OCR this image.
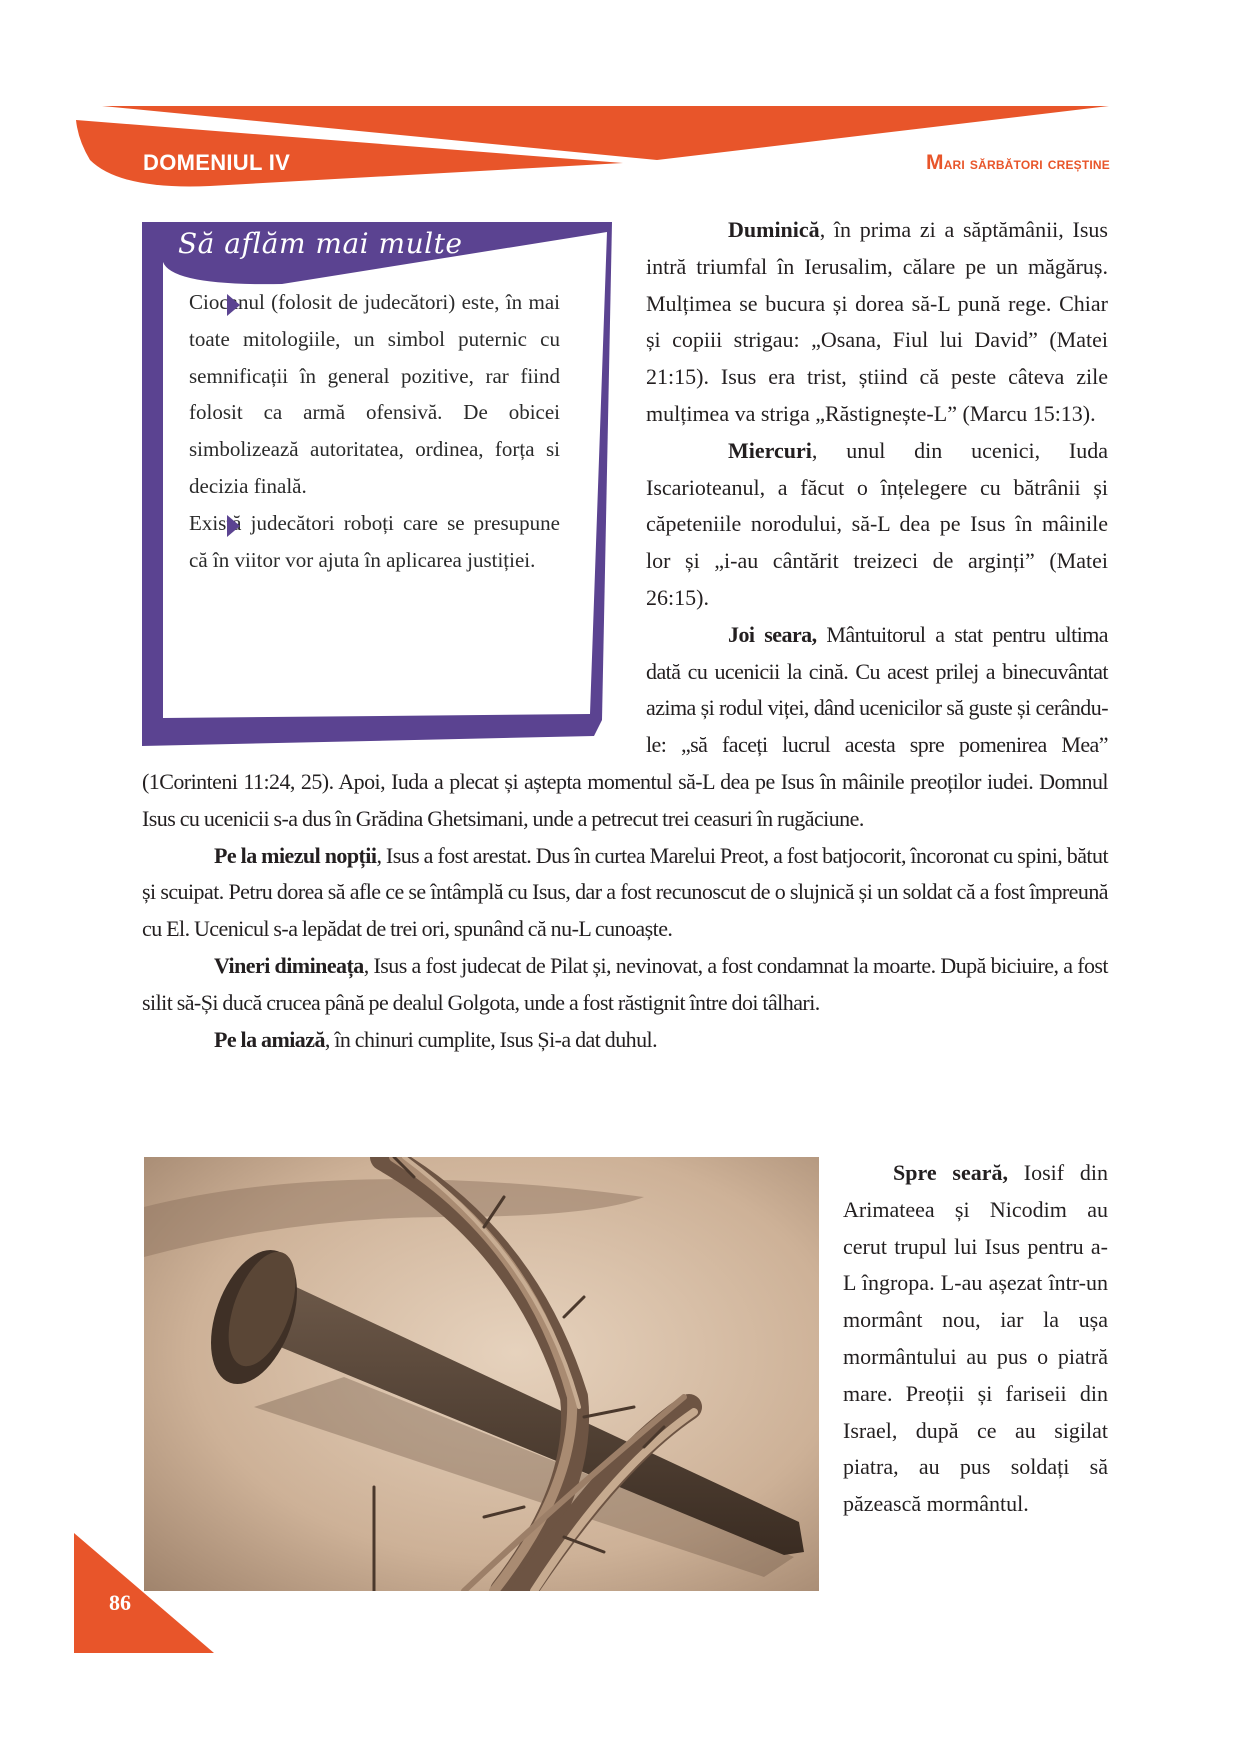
DOMENIUL IV	Mari sărbători creștine
Să aflăm mai multe

Ciocanul (folosit de judecători) este, în mai toate mitologiile, un simbol puternic cu semnificații în general pozitive, rar fiind folosit ca armă ofensivă. De obicei simbolizează autoritatea, ordinea, forța si decizia finală.

Există judecători roboți care se presupune că în viitor vor ajuta în aplicarea justiției.

Duminică, în prima zi a săptămânii, Isus intră triumfal în Ierusalim, călare pe un măgăruș. Mulțimea se bucura și dorea să-L pună rege. Chiar și copiii strigau: „Osana, Fiul lui David” (Matei 21:15). Isus era trist, știind că peste câteva zile mulțimea va striga „Răstignește-L” (Marcu 15:13).

Miercuri, unul din ucenici, Iuda Iscarioteanul, a făcut o înțelegere cu bătrânii și căpeteniile norodului, să-L dea pe Isus în mâinile lor și „i-au cântărit treizeci de arginți” (Matei 26:15).

Joi seara, Mântuitorul a stat pentru ultima dată cu ucenicii la cină. Cu acest prilej a binecuvântat azima și rodul viței, dând ucenicilor să guste și cerându-le: „să faceți lucrul acesta spre pomenirea Mea” (1Corinteni 11:24, 25). Apoi, Iuda a plecat și aștepta momentul să-L dea pe Isus în mâinile preoților iudei. Domnul Isus cu ucenicii s-a dus în Grădina Ghetsimani, unde a petrecut trei ceasuri în rugăciune.

Pe la miezul nopții, Isus a fost arestat. Dus în curtea Marelui Preot, a fost batjocorit, încoronat cu spini, bătut și scuipat. Petru dorea să afle ce se întâmplă cu Isus, dar a fost recunoscut de o slujnică și un soldat că a fost împreună cu El. Ucenicul s-a lepădat de trei ori, spunând că nu-L cunoaște.

Vineri dimineața, Isus a fost judecat de Pilat și, nevinovat, a fost condamnat la moarte. După biciuire, a fost silit să-Și ducă crucea până pe dealul Golgota, unde a fost răstignit între doi tâlhari.

Pe la amiază, în chinuri cumplite, Isus Și-a dat duhul.

Spre seară, Iosif din Arimateea și Nicodim au cerut trupul lui Isus pentru a-L îngropa. L-au așezat într-un mormânt nou, iar la ușa mormântului au pus o piatră mare. Preoții și fariseii din Israel, după ce au sigilat piatra, au pus soldați să păzească mormântul.

86
